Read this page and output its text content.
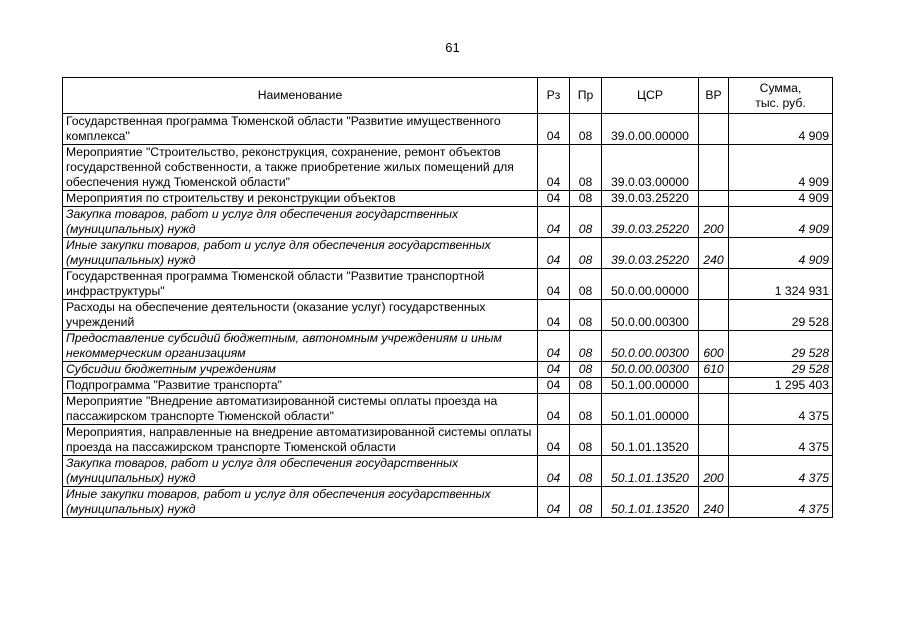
61
Наименование	Рз	Пр	ЦСР	ВР	Сумма,
тыс. руб.

Государственная программа Тюменской области "Развитие имущественного комплекса"	04	08	39.0.00.00000		4 909
Мероприятие "Строительство, реконструкция, сохранение, ремонт объектов государственной собственности, а также приобретение жилых помещений для обеспечения нужд Тюменской области"	04	08	39.0.03.00000		4 909
Мероприятия по строительству и реконструкции объектов	04	08	39.0.03.25220		4 909
Закупка товаров, работ и услуг для обеспечения государственных (муниципальных) нужд	04	08	39.0.03.25220	200	4 909
Иные закупки товаров, работ и услуг для обеспечения государственных (муниципальных) нужд	04	08	39.0.03.25220	240	4 909
Государственная программа Тюменской области "Развитие транспортной инфраструктуры"	04	08	50.0.00.00000		1 324 931
Расходы на обеспечение деятельности (оказание услуг) государственных учреждений	04	08	50.0.00.00300		29 528
Предоставление субсидий бюджетным, автономным учреждениям и иным некоммерческим организациям	04	08	50.0.00.00300	600	29 528
Субсидии бюджетным учреждениям	04	08	50.0.00.00300	610	29 528
Подпрограмма "Развитие транспорта"	04	08	50.1.00.00000		1 295 403
Мероприятие "Внедрение автоматизированной системы оплаты проезда на пассажирском транспорте Тюменской области"	04	08	50.1.01.00000		4 375
Мероприятия, направленные на внедрение автоматизированной системы оплаты проезда на пассажирском транспорте Тюменской области	04	08	50.1.01.13520		4 375
Закупка товаров, работ и услуг для обеспечения государственных (муниципальных) нужд	04	08	50.1.01.13520	200	4 375
Иные закупки товаров, работ и услуг для обеспечения государственных (муниципальных) нужд	04	08	50.1.01.13520	240	4 375
